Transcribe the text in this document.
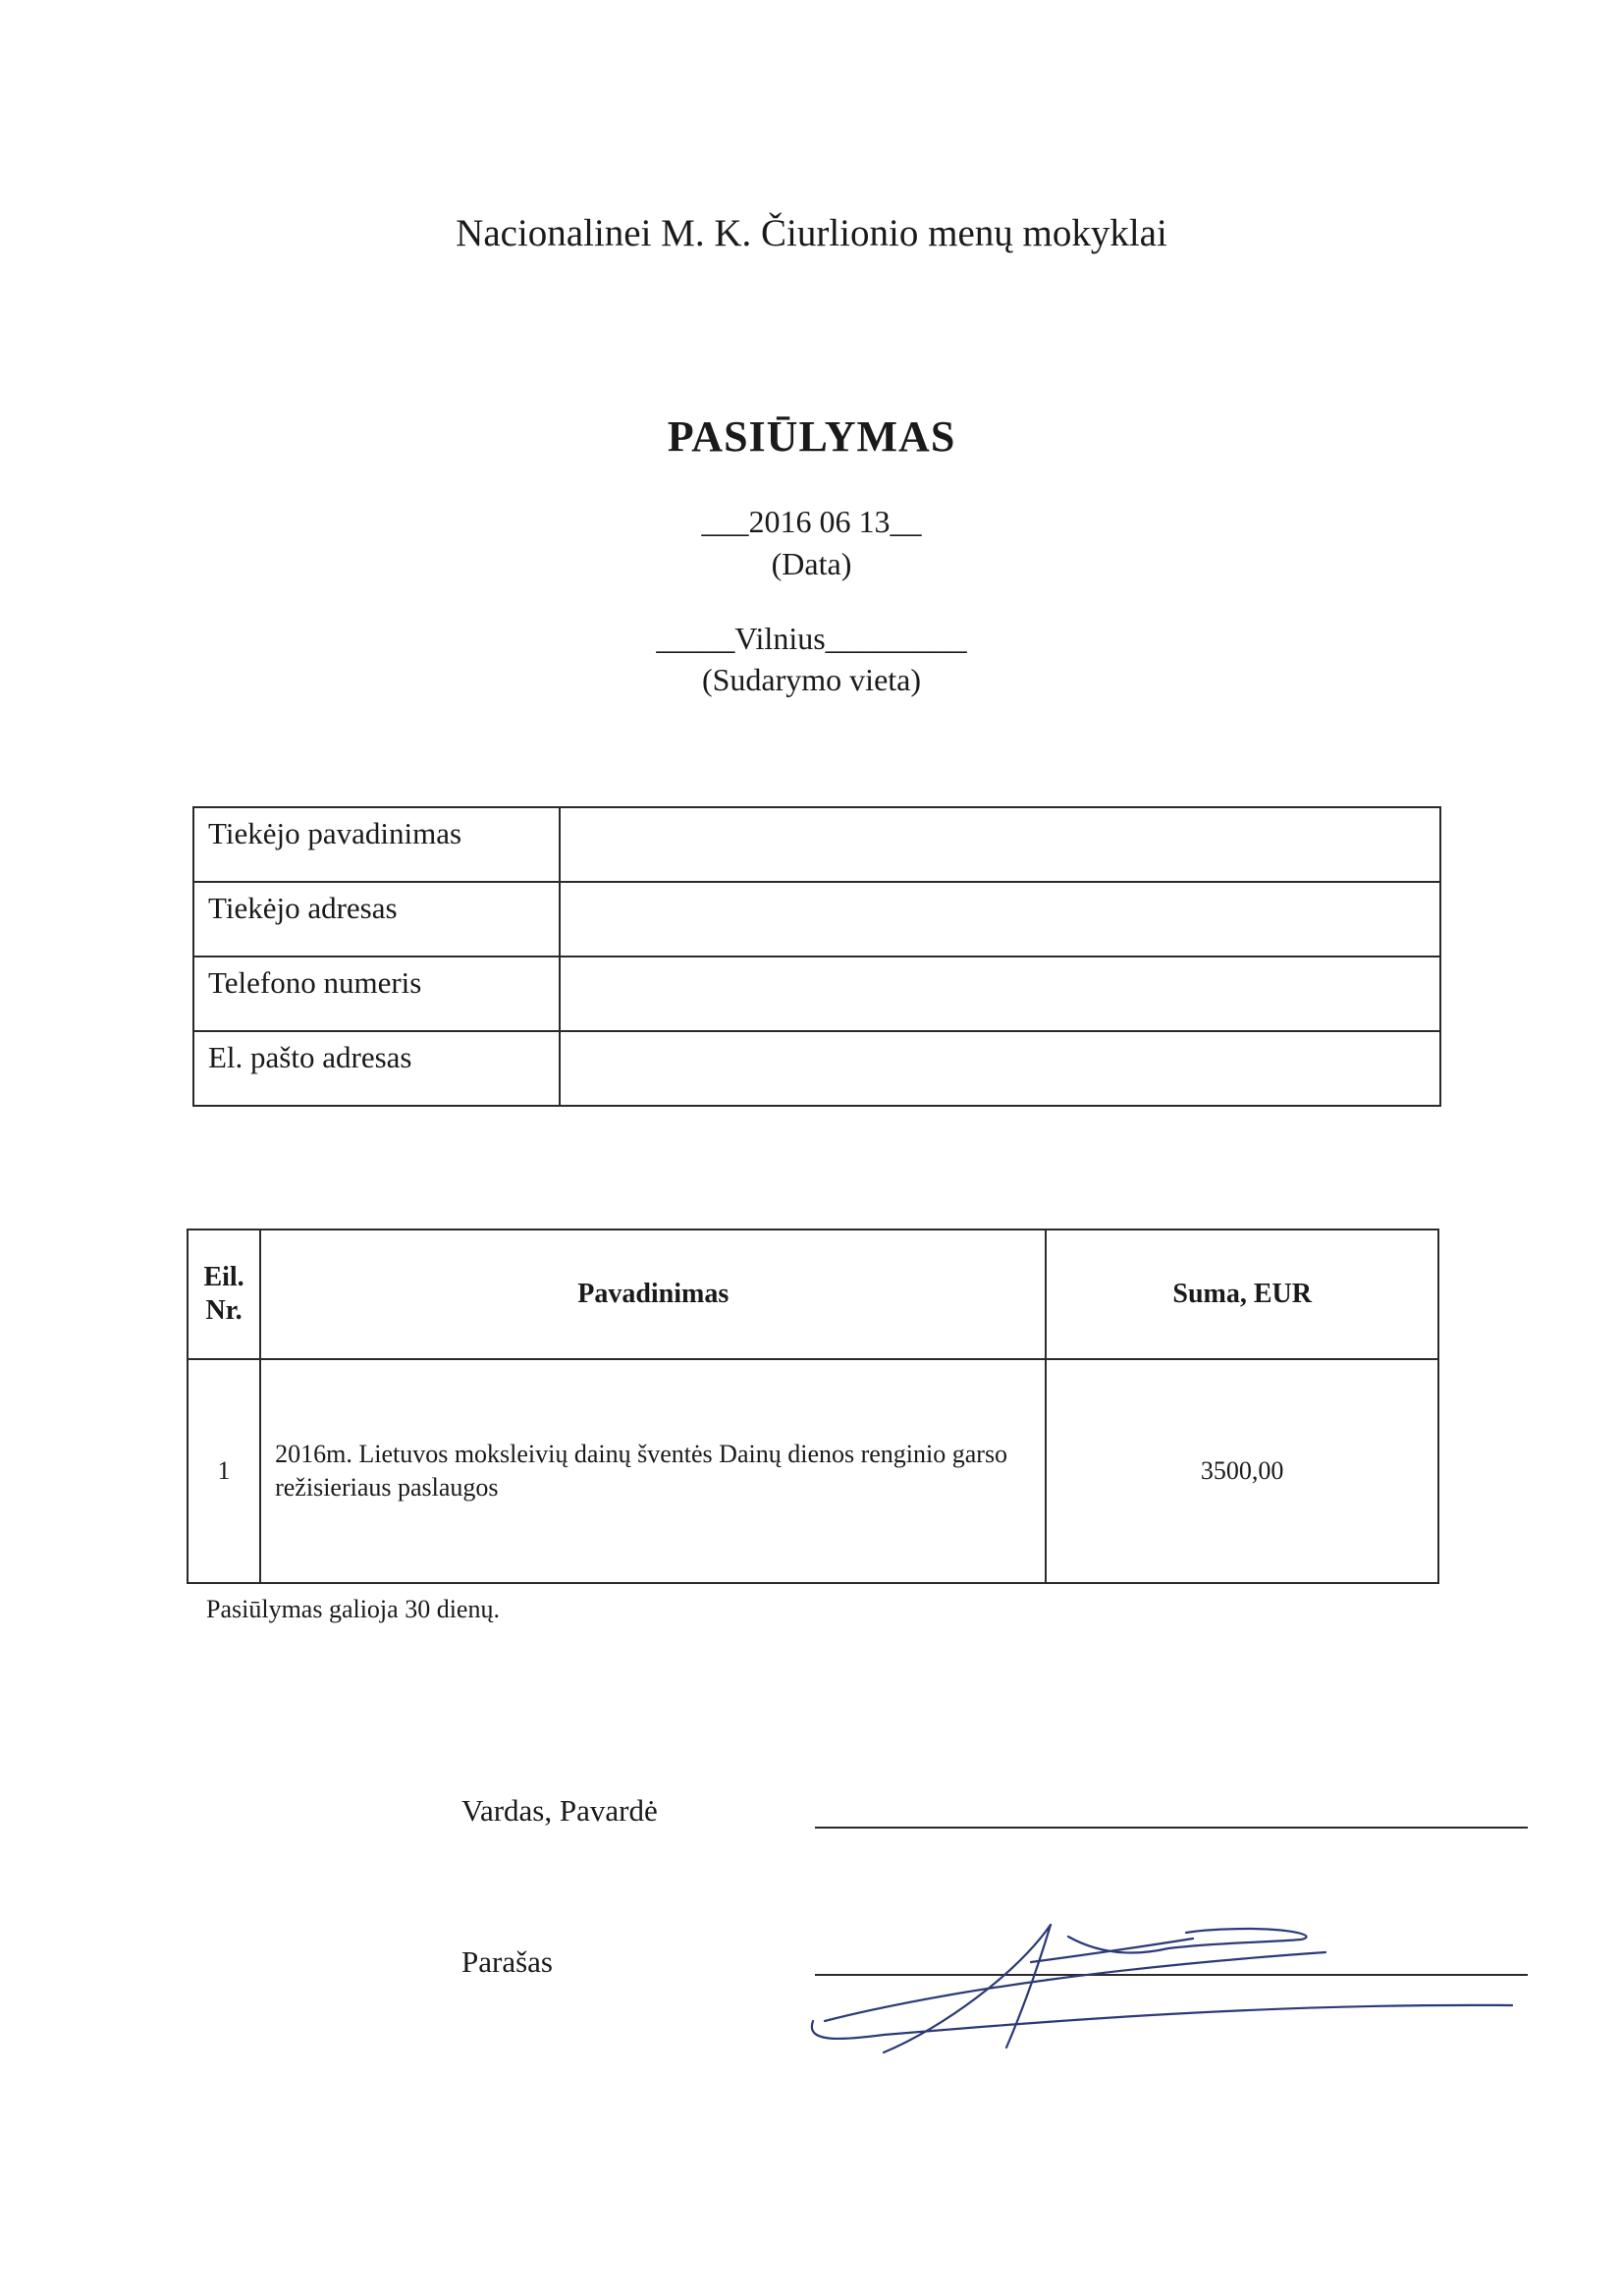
Nacionalinei M. K. Čiurlionio menų mokyklai
PASIŪLYMAS
___2016 06 13__
(Data)
_____Vilnius_________
(Sudarymo vieta)
Tiekėjo pavadinimas	
Tiekėjo adresas	
Telefono numeris	
El. pašto adresas	
Eil.
Nr.	Pavadinimas	Suma, EUR
1	2016m. Lietuvos moksleivių dainų šventės Dainų dienos renginio garso režisieriaus paslaugos	3500,00
Pasiūlymas galioja 30 dienų.
Vardas, Pavardė
Parašas
